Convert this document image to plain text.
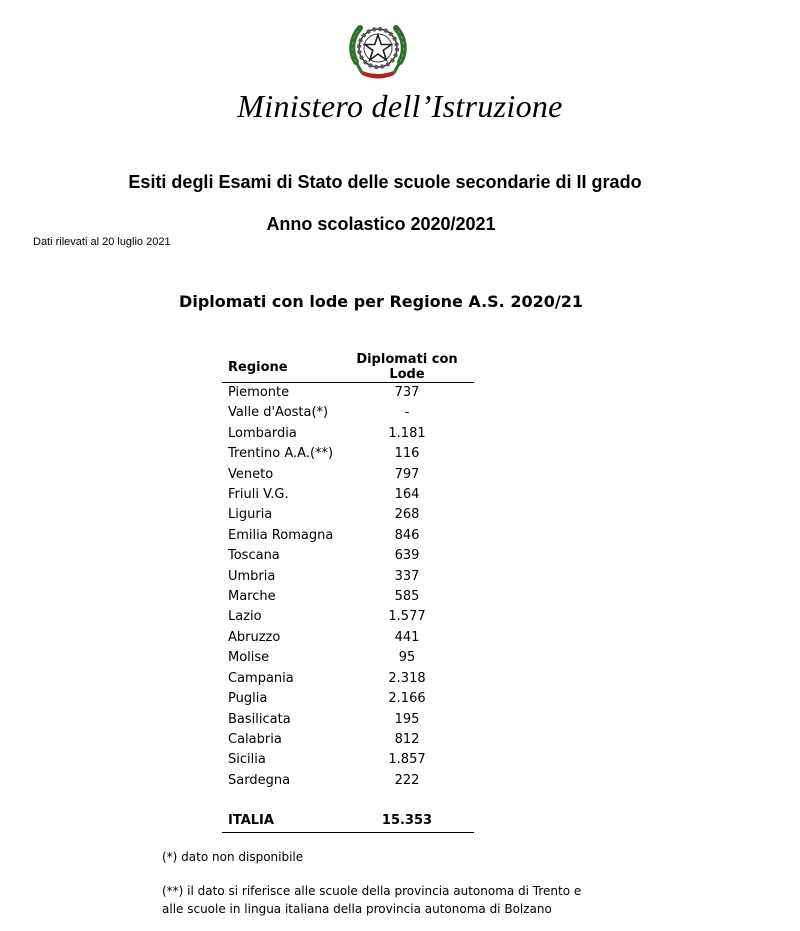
Ministero dell’Istruzione
Esiti degli Esami di Stato delle scuole secondarie di II grado
Anno scolastico 2020/2021
Dati rilevati al 20 luglio 2021
Diplomati con lode per Regione A.S. 2020/21
Regione	Diplomati con Lode
Piemonte	737
Valle d'Aosta(*)	-
Lombardia	1.181
Trentino A.A.(**)	116
Veneto	797
Friuli V.G.	164
Liguria	268
Emilia Romagna	846
Toscana	639
Umbria	337
Marche	585
Lazio	1.577
Abruzzo	441
Molise	95
Campania	2.318
Puglia	2.166
Basilicata	195
Calabria	812
Sicilia	1.857
Sardegna	222

ITALIA	15.353
(*) dato non disponibile
(**) il dato si riferisce alle scuole della provincia autonoma di Trento e alle scuole in lingua italiana della provincia autonoma di Bolzano
